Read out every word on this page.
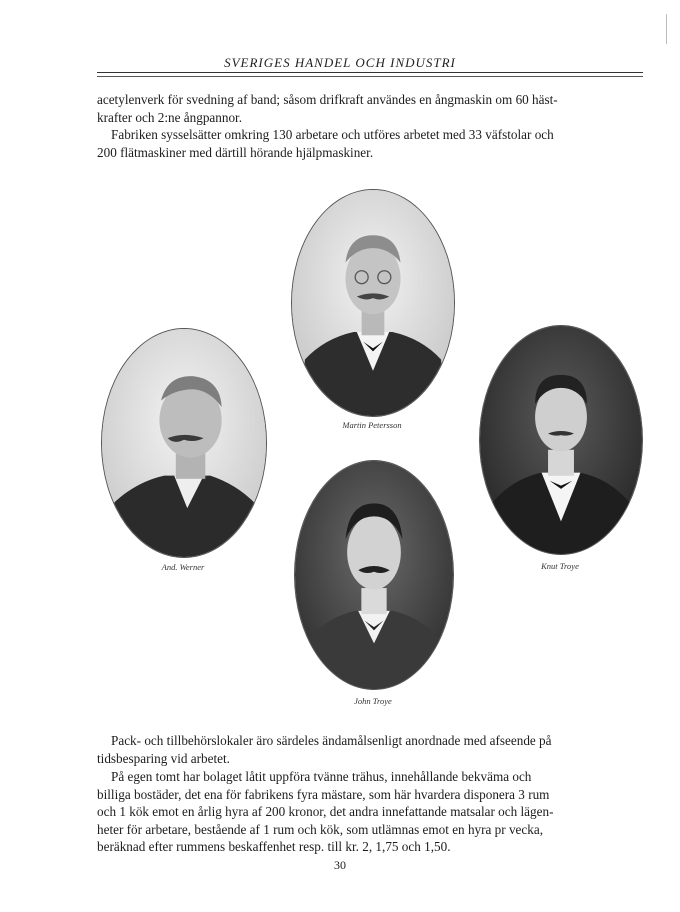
SVERIGES HANDEL OCH INDUSTRI
acetylenverk för svedning af band; såsom drifkraft användes en ångmaskin om 60 häst-
krafter och 2:ne ångpannor.
Fabriken sysselsätter omkring 130 arbetare och utföres arbetet med 33 väfstolar och
200 flätmaskiner med därtill hörande hjälpmaskiner.
Martin Petersson
And. Werner	Knut Troye
John Troye
Pack- och tillbehörslokaler äro särdeles ändamålsenligt anordnade med afseende på
tidsbesparing vid arbetet.
På egen tomt har bolaget låtit uppföra tvänne trähus, innehållande bekväma och
billiga bostäder, det ena för fabrikens fyra mästare, som här hvardera disponera 3 rum
och 1 kök emot en årlig hyra af 200 kronor, det andra innefattande matsalar och lägen-
heter för arbetare, bestående af 1 rum och kök, som utlämnas emot en hyra pr vecka,
beräknad efter rummens beskaffenhet resp. till kr. 2, 1,75 och 1,50.
30
